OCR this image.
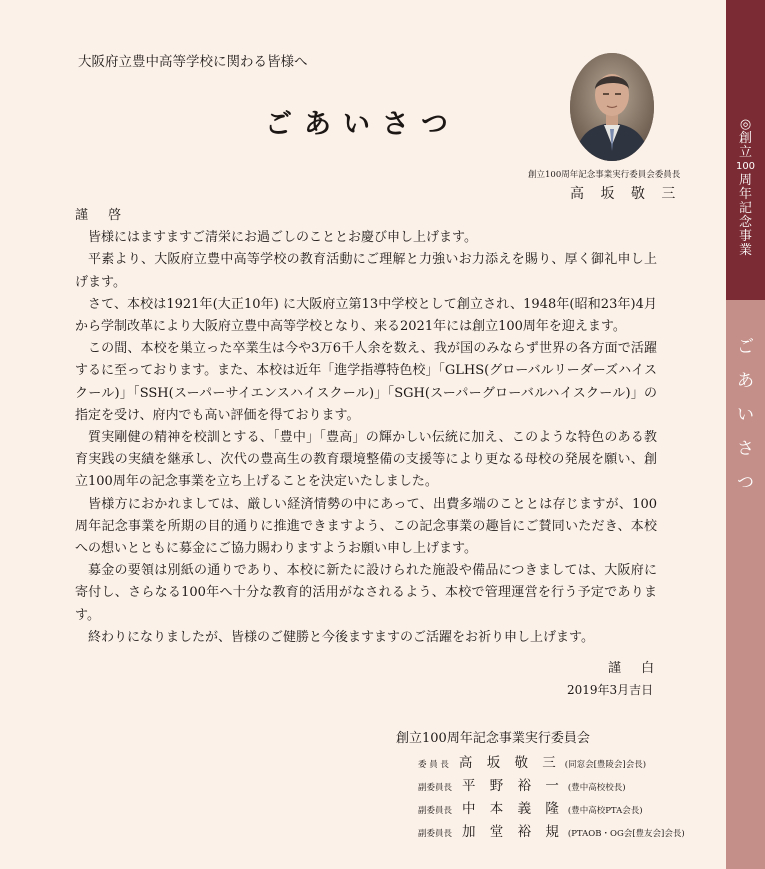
大阪府立豊中高等学校に関わる皆様へ
ごあいさつ
創立100周年記念事業実行委員会委員長
高 坂 敬 三

謹 啓

皆様にはますますご清栄にお過ごしのこととお慶び申し上げます。

平素より、大阪府立豊中高等学校の教育活動にご理解と力強いお力添えを賜り、厚く御礼申し上げます。

さて、本校は1921年(大正10年) に大阪府立第13中学校として創立され、1948年(昭和23年)4月から学制改革により大阪府立豊中高等学校となり、来る2021年には創立100周年を迎えます。

この間、本校を巣立った卒業生は今や3万6千人余を数え、我が国のみならず世界の各方面で活躍するに至っております。また、本校は近年「進学指導特色校」「GLHS(グローバルリーダーズハイスクール)」「SSH(スーパーサイエンスハイスクール)」「SGH(スーパーグローバルハイスクール)」の指定を受け、府内でも高い評価を得ております。

質実剛健の精神を校訓とする、「豊中」「豊高」の輝かしい伝統に加え、このような特色のある教育実践の実績を継承し、次代の豊高生の教育環境整備の支援等により更なる母校の発展を願い、創立100周年の記念事業を立ち上げることを決定いたしました。

皆様方におかれましては、厳しい経済情勢の中にあって、出費多端のこととは存じますが、100周年記念事業を所期の目的通りに推進できますよう、この記念事業の趣旨にご賛同いただき、本校への想いとともに募金にご協力賜わりますようお願い申し上げます。

募金の要領は別紙の通りであり、本校に新たに設けられた施設や備品につきましては、大阪府に寄付し、さらなる100年へ十分な教育的活用がなされるよう、本校で管理運営を行う予定であります。

終わりになりましたが、皆様のご健勝と今後ますますのご活躍をお祈り申し上げます。

謹 白
2019年3月吉日
創立100周年記念事業実行委員会
委 員 長 高 坂 敬 三 (同窓会[豊陵会]会長)
副委員長 平 野 裕 一 (豊中高校校長)
副委員長 中 本 義 隆 (豊中高校PTA会長)
副委員長 加 堂 裕 規 (PTAOB・OG会[豊友会]会長)
◎
創
立
100
周
年
記
念
事
業
ご
あ
い
さ
つ
